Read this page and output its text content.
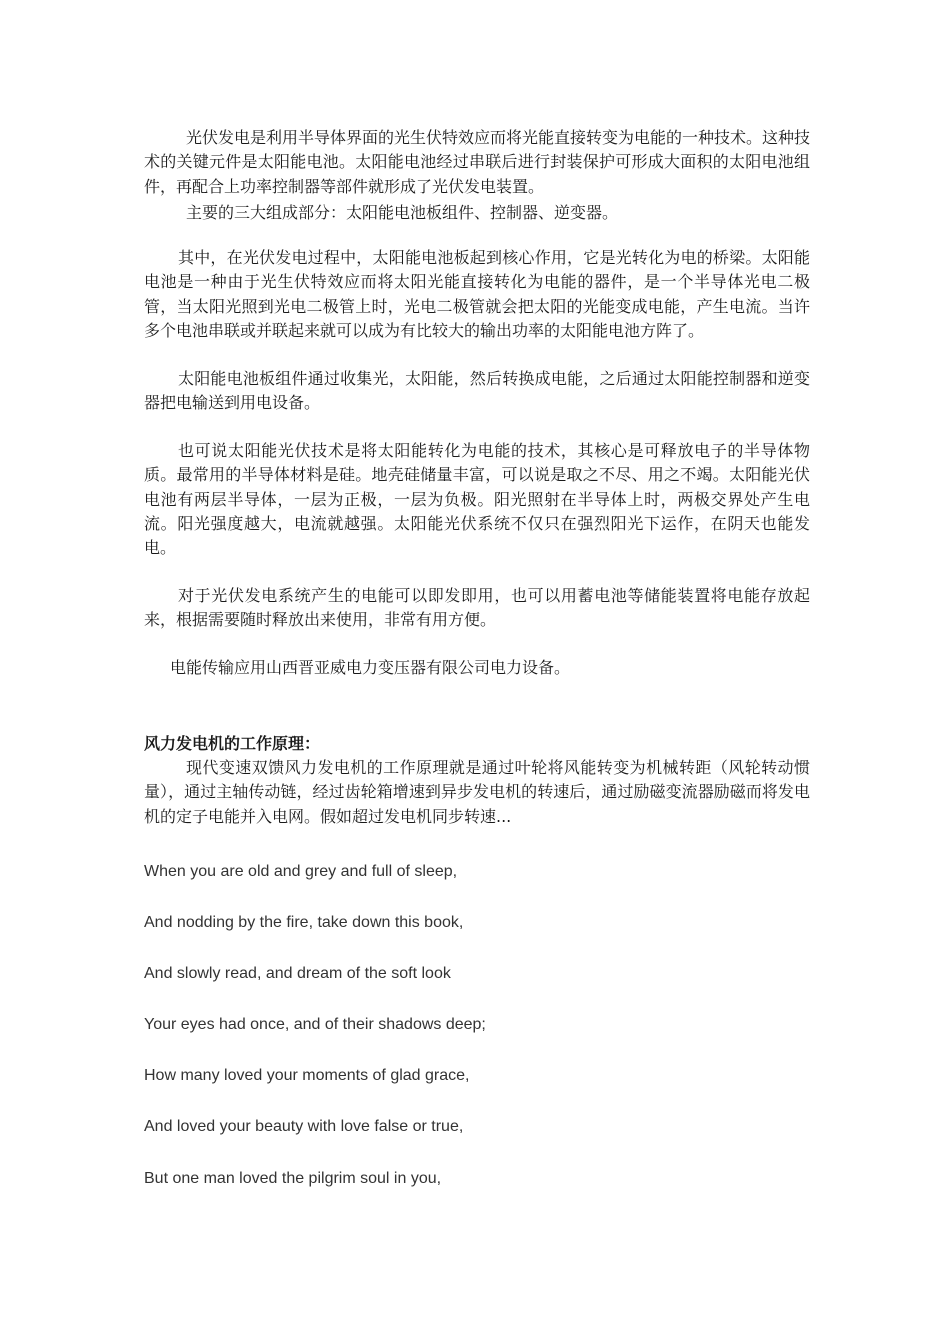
光伏发电是利用半导体界面的光生伏特效应而将光能直接转变为电能的一种技术。这种技术的关键元件是太阳能电池。太阳能电池经过串联后进行封装保护可形成大面积的太阳电池组件，再配合上功率控制器等部件就形成了光伏发电装置。

主要的三大组成部分：太阳能电池板组件、控制器、逆变器。

其中，在光伏发电过程中，太阳能电池板起到核心作用，它是光转化为电的桥梁。太阳能电池是一种由于光生伏特效应而将太阳光能直接转化为电能的器件，是一个半导体光电二极管，当太阳光照到光电二极管上时，光电二极管就会把太阳的光能变成电能，产生电流。当许多个电池串联或并联起来就可以成为有比较大的输出功率的太阳能电池方阵了。

太阳能电池板组件通过收集光，太阳能，然后转换成电能，之后通过太阳能控制器和逆变器把电输送到用电设备。

也可说太阳能光伏技术是将太阳能转化为电能的技术，其核心是可释放电子的半导体物质。最常用的半导体材料是硅。地壳硅储量丰富，可以说是取之不尽、用之不竭。太阳能光伏电池有两层半导体，一层为正极，一层为负极。阳光照射在半导体上时，两极交界处产生电流。阳光强度越大，电流就越强。太阳能光伏系统不仅只在强烈阳光下运作，在阴天也能发电。

对于光伏发电系统产生的电能可以即发即用，也可以用蓄电池等储能装置将电能存放起来，根据需要随时释放出来使用，非常有用方便。

电能传输应用山西晋亚威电力变压器有限公司电力设备。

风力发电机的工作原理：

现代变速双馈风力发电机的工作原理就是通过叶轮将风能转变为机械转距（风轮转动惯量），通过主轴传动链，经过齿轮箱增速到异步发电机的转速后，通过励磁变流器励磁而将发电机的定子电能并入电网。假如超过发电机同步转速...

When you are old and grey and full of sleep,

And nodding by the fire, take down this book,

And slowly read, and dream of the soft look

Your eyes had once, and of their shadows deep;

How many loved your moments of glad grace,

And loved your beauty with love false or true,

But one man loved the pilgrim soul in you,
